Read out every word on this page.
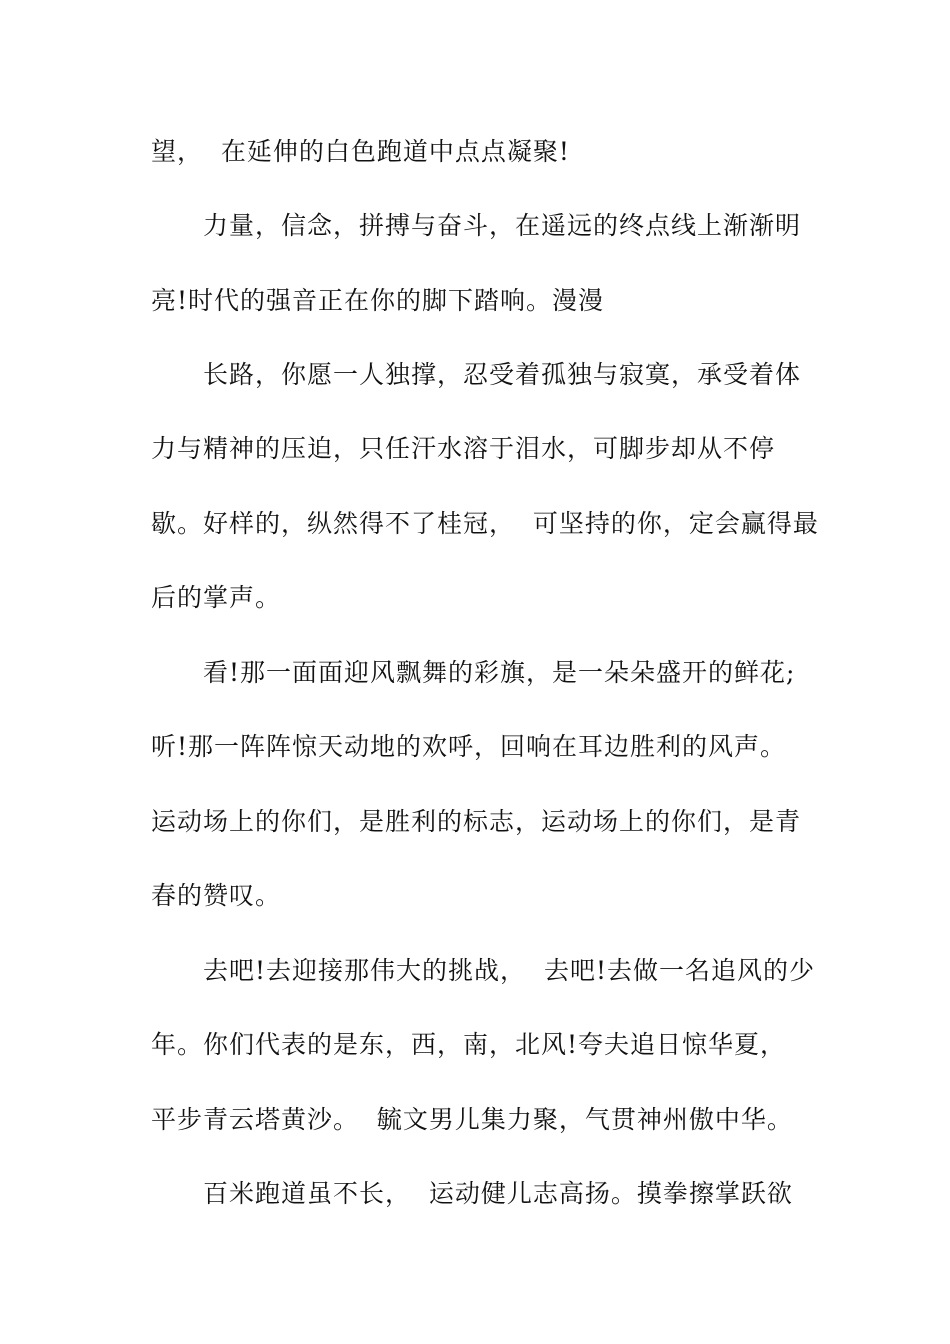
望，  在延伸的白色跑道中点点凝聚!
力量，信念，拼搏与奋斗，在遥远的终点线上渐渐明
亮!时代的强音正在你的脚下踏响。漫漫
长路，你愿一人独撑，忍受着孤独与寂寞，承受着体
力与精神的压迫，只任汗水溶于泪水，可脚步却从不停
歇。好样的，纵然得不了桂冠，  可坚持的你，定会赢得最
后的掌声。
看!那一面面迎风飘舞的彩旗，是一朵朵盛开的鲜花;
听!那一阵阵惊天动地的欢呼，回响在耳边胜利的风声。
运动场上的你们，是胜利的标志，运动场上的你们，是青
春的赞叹。
去吧!去迎接那伟大的挑战，  去吧!去做一名追风的少
年。你们代表的是东，西，南，北风!夸夫追日惊华夏，
平步青云塔黄沙。  毓文男儿集力聚，气贯神州傲中华。
百米跑道虽不长，  运动健儿志高扬。摸拳擦掌跃欲
